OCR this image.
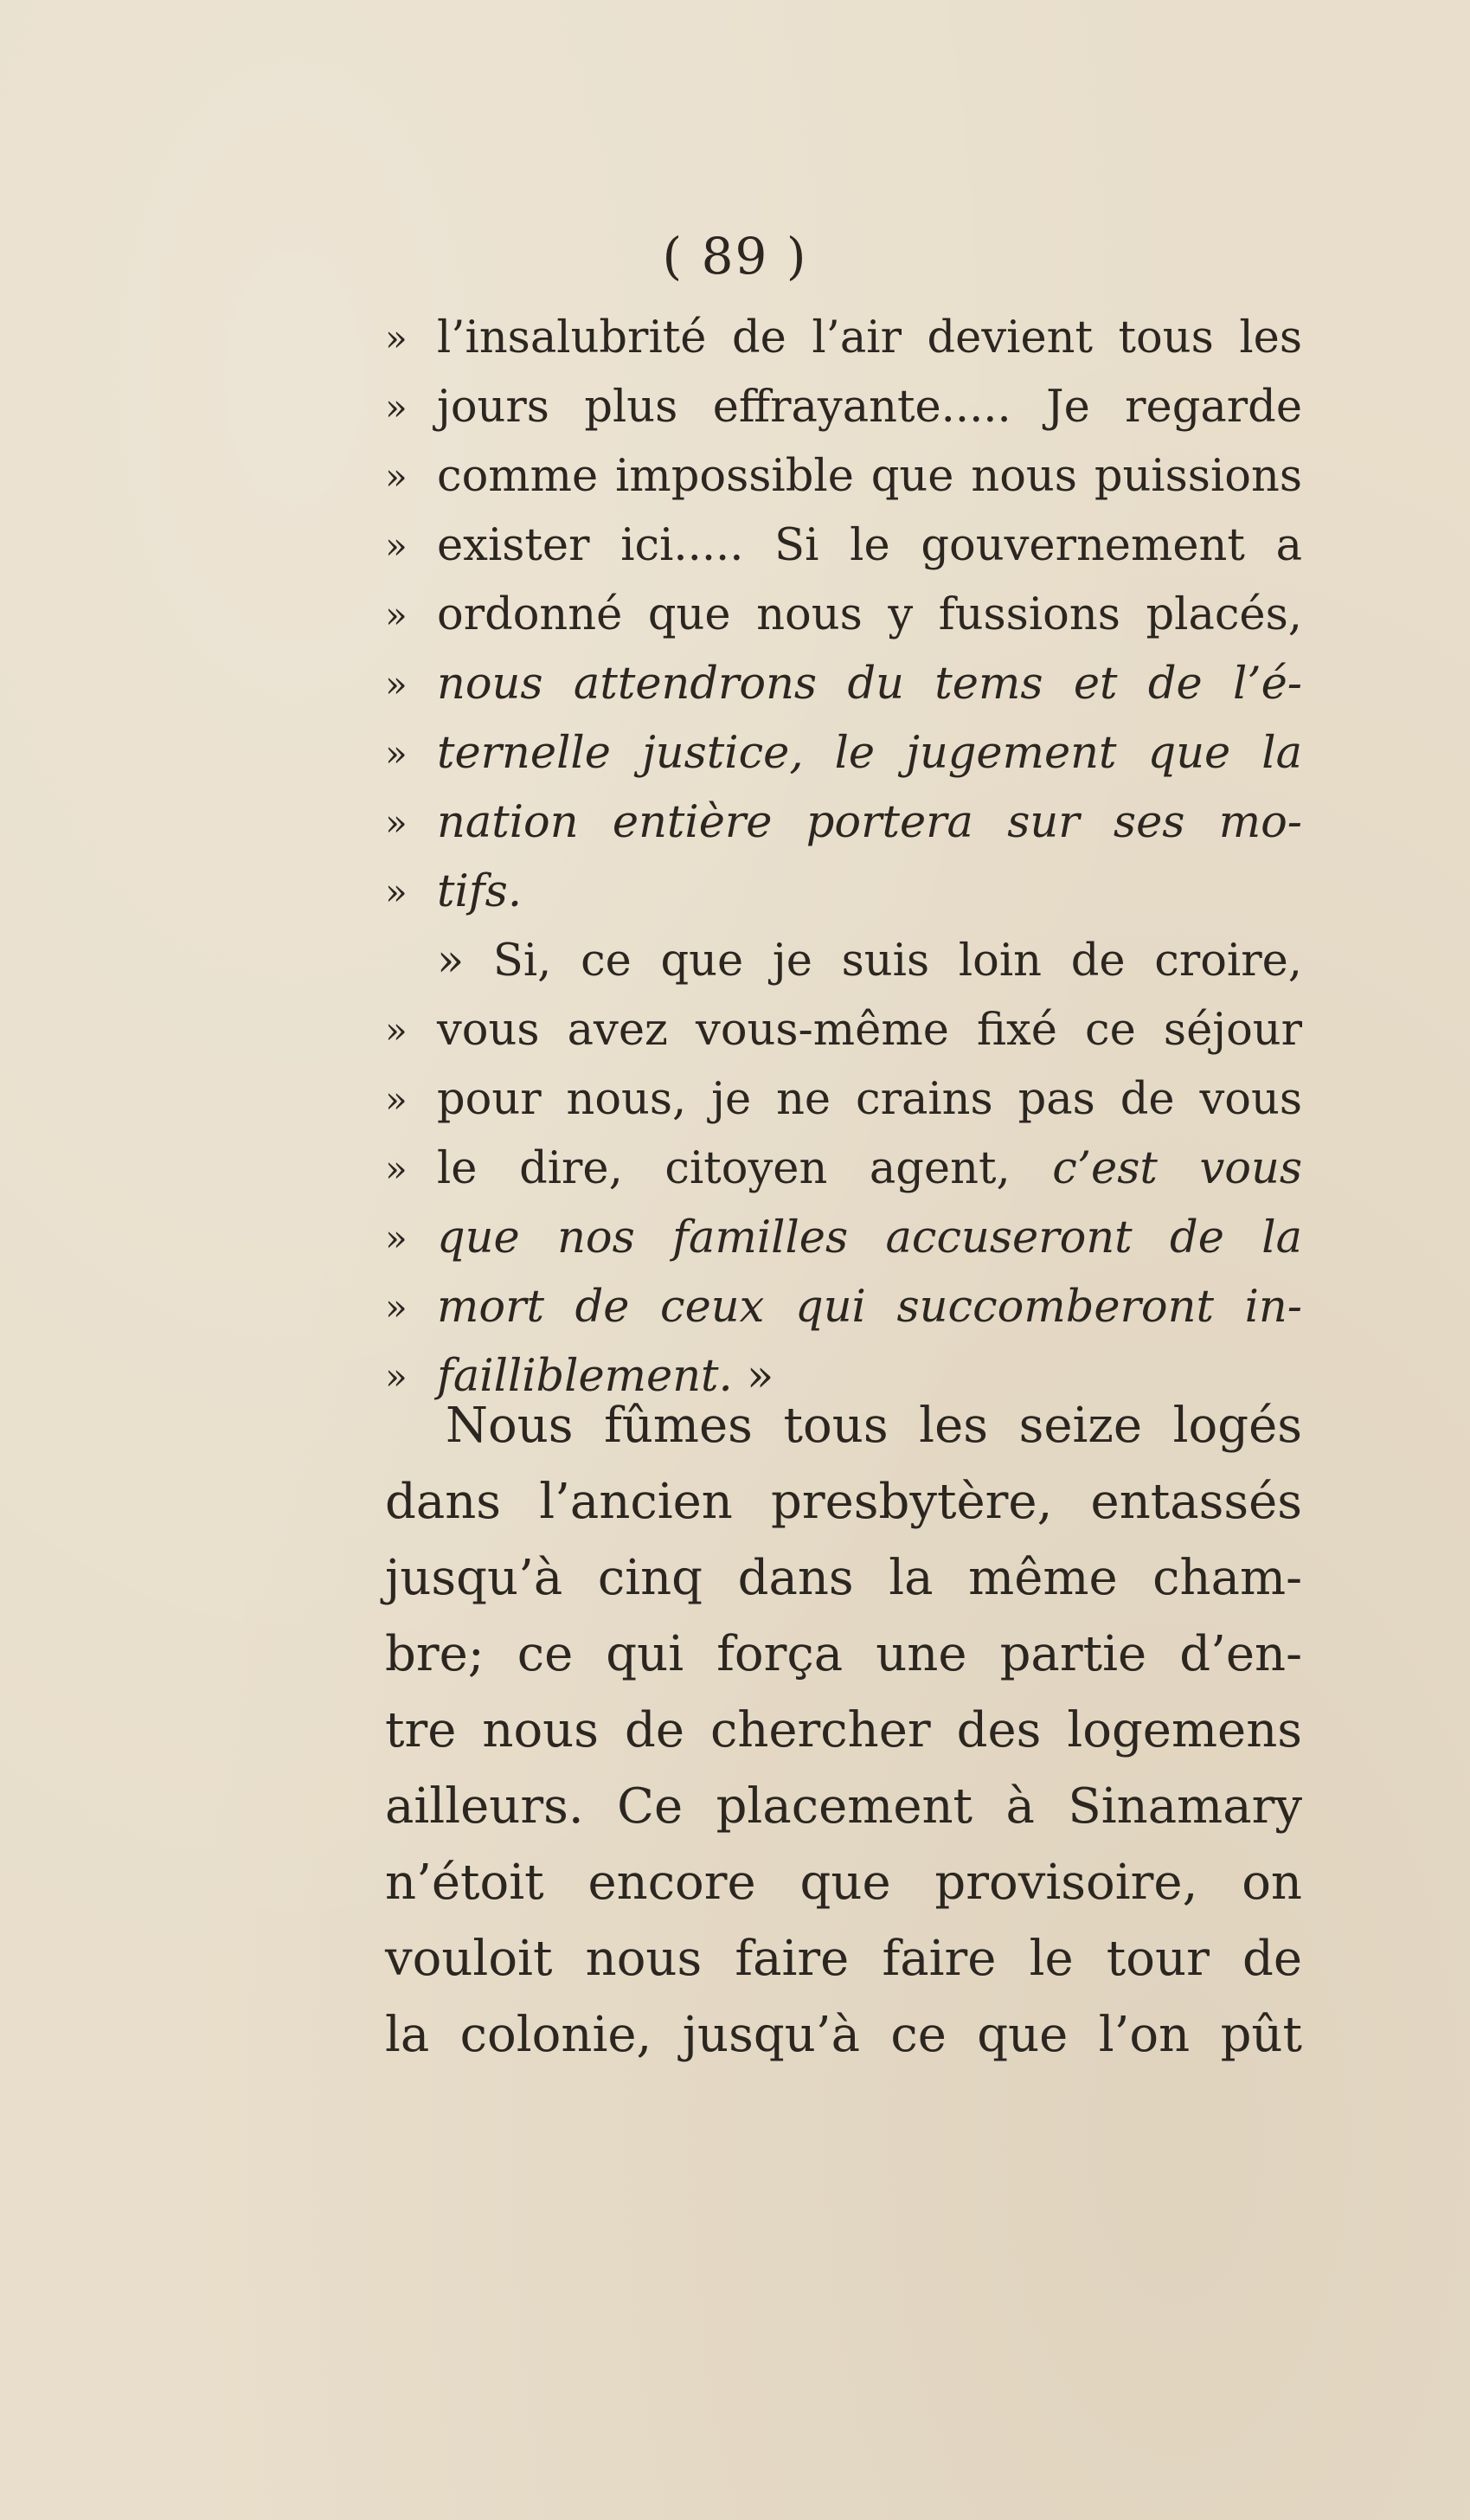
( 89 )
» l’insalubrité de l’air devient tous les
» jours plus effrayante..... Je regarde
» comme impossible que nous puissions
» exister ici..... Si le gouvernement a
» ordonné que nous y fussions placés,
» nous attendrons du tems et de l’é-
» ternelle justice, le jugement que la
» nation entière portera sur ses mo-
» tifs.
» Si, ce que je suis loin de croire,
» vous avez vous-même fixé ce séjour
» pour nous, je ne crains pas de vous
» le dire, citoyen agent, c’est vous
» que nos familles accuseront de la
» mort de ceux qui succomberont in-
» failliblement. »
Nous fûmes tous les seize logés
dans l’ancien presbytère, entassés
jusqu’à cinq dans la même cham-
bre; ce qui força une partie d’en-
tre nous de chercher des logemens
ailleurs. Ce placement à Sinamary
n’étoit encore que provisoire, on
vouloit nous faire faire le tour de
la colonie, jusqu’à ce que l’on pût
